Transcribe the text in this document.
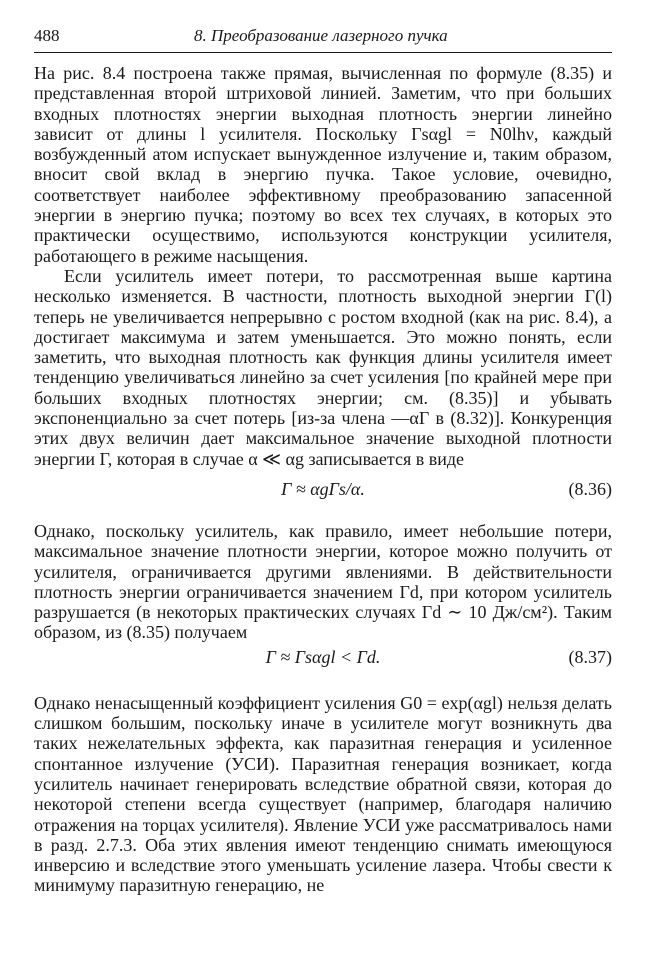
488	8. Преобразование лазерного пучка

На рис. 8.4 построена также прямая, вычисленная по формуле (8.35) и представленная второй штриховой линией. Заметим, что при больших входных плотностях энергии выходная плотность энергии линейно зависит от длины l усилителя. Поскольку Γsαgl = N0lhν, каждый возбужденный атом испускает вынужденное излучение и, таким образом, вносит свой вклад в энергию пучка. Такое условие, очевидно, соответствует наиболее эффективному преобразованию запасенной энергии в энергию пучка; поэтому во всех тех случаях, в которых это практически осуществимо, используются конструкции усилителя, работающего в режиме насыщения.

Если усилитель имеет потери, то рассмотренная выше картина несколько изменяется. В частности, плотность выходной энергии Γ(l) теперь не увеличивается непрерывно с ростом входной (как на рис. 8.4), а достигает максимума и затем уменьшается. Это можно понять, если заметить, что выходная плотность как функция длины усилителя имеет тенденцию увеличиваться линейно за счет усиления [по крайней мере при больших входных плотностях энергии; см. (8.35)] и убывать экспоненциально за счет потерь [из-за члена —αΓ в (8.32)]. Конкуренция этих двух величин дает максимальное значение выходной плотности энергии Γ, которая в случае α ≪ αg записывается в виде

Γ ≈ αgΓs/α.	(8.36)

Однако, поскольку усилитель, как правило, имеет небольшие потери, максимальное значение плотности энергии, которое можно получить от усилителя, ограничивается другими явлениями. В действительности плотность энергии ограничивается значением Γd, при котором усилитель разрушается (в некоторых практических случаях Γd ∼ 10 Дж/см²). Таким образом, из (8.35) получаем

Γ ≈ Γsαgl < Γd.	(8.37)

Однако ненасыщенный коэффициент усиления G0 = exp(αgl) нельзя делать слишком большим, поскольку иначе в усилителе могут возникнуть два таких нежелательных эффекта, как паразитная генерация и усиленное спонтанное излучение (УСИ). Паразитная генерация возникает, когда усилитель начинает генерировать вследствие обратной связи, которая до некоторой степени всегда существует (например, благодаря наличию отражения на торцах усилителя). Явление УСИ уже рассматривалось нами в разд. 2.7.3. Оба этих явления имеют тенденцию снимать имеющуюся инверсию и вследствие этого уменьшать усиление лазера. Чтобы свести к минимуму паразитную генерацию, не
